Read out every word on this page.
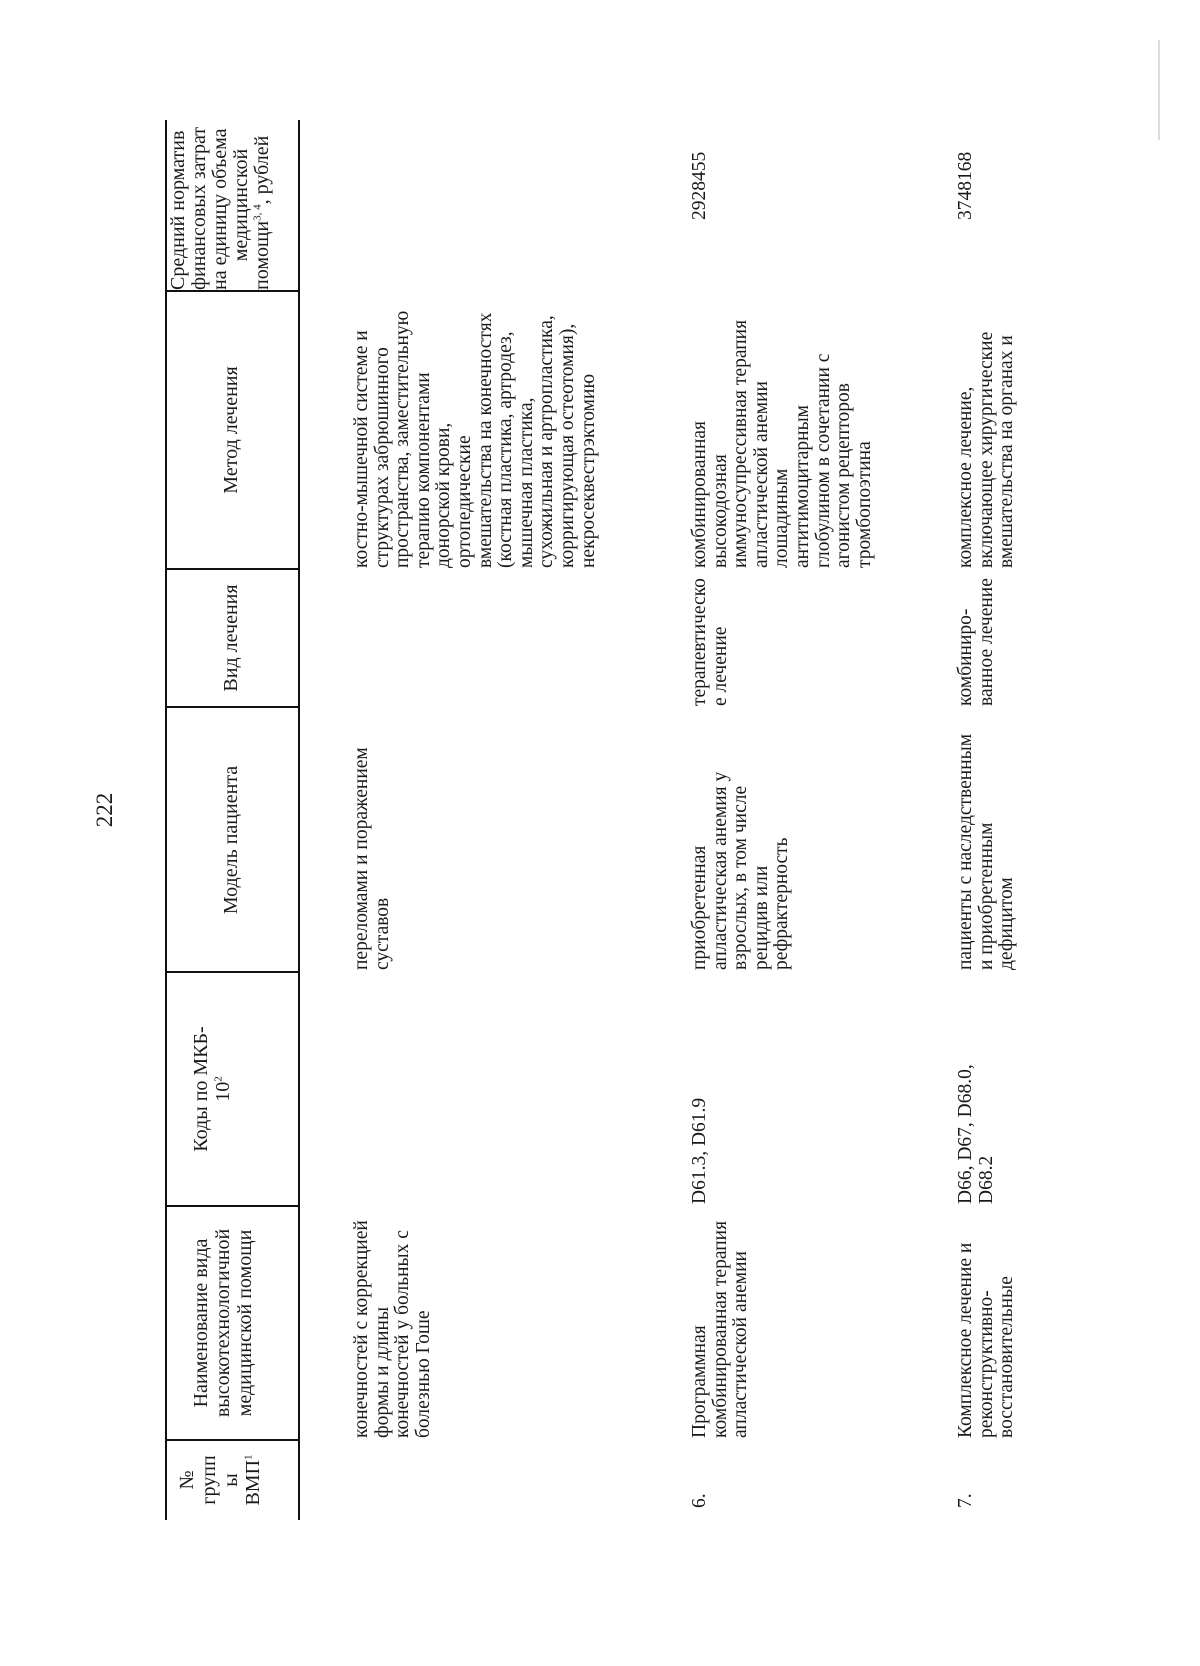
222
№ групп ы ВМП$^1$
Наименование вида высокотехнологичной медицинской помощи
Коды по МКБ- $10^2$
Модель пациента
Метод лечения
Вид лечения
Средний норматив финансовых затрат на единицу объема медицинской помощи$^{3, 4}$, рублей
конечностей с коррекцией формы и длины конечностей у больных с болезнью Гоше
переломами и поражением суставов
костно-мышечной системе и структурах забрюшинного пространства, заместительную терапию компонентами донорской крови, ортопедические вмешательства на конечностях (костная пластика, артродез, мышечная пластика, сухожильная и артропластика, корригирующая остеотомия), некросеквестрэктомию
6.
Программная комбинированная терапия апластической анемии
D61.3, D61.9
приобретенная апластическая анемия у взрослых, в том числе рецидив или рефрактерность
терапевтическо е лечение
комбинированная высокодозная иммуносупрессивная терапия апластической анемии лошадиным антитимоцитарным глобулином в сочетании с агонистом рецепторов тромбопоэтина
2928455
7.
Комплексное лечение и реконструктивно- восстановительные
D66, D67, D68.0, D68.2
пациенты с наследственным и приобретенным дефицитом
комбиниро- ванное лечение
комплексное лечение, включающее хирургические вмешательства на органах и
3748168
